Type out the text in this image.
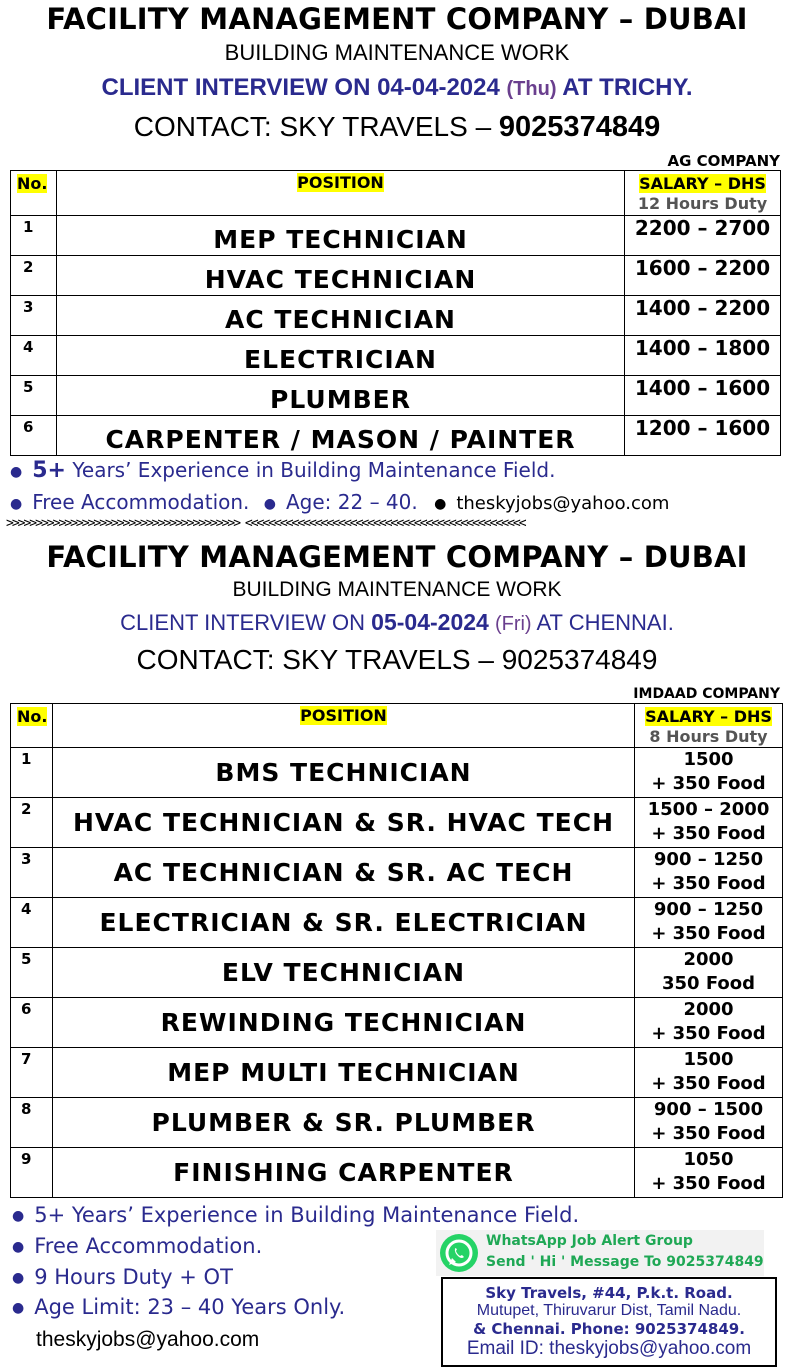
FACILITY MANAGEMENT COMPANY – DUBAI
BUILDING MAINTENANCE WORK
CLIENT INTERVIEW ON 04-04-2024 (Thu) AT TRICHY.
CONTACT: SKY TRAVELS – 9025374849
AG COMPANY
No.	POSITION	SALARY – DHS
12 Hours Duty

1	MEP TECHNICIAN	2200 – 2700
2	HVAC TECHNICIAN	1600 – 2200
3	AC TECHNICIAN	1400 – 2200
4	ELECTRICIAN	1400 – 1800
5	PLUMBER	1400 – 1600
6	CARPENTER / MASON / PAINTER	1200 – 1600
● 5+ Years’ Experience in Building Maintenance Field.
● Free Accommodation. ● Age: 22 – 40. ● theskyjobs@yahoo.com
>>>>>>>>>>>>>>>>>>>>>>>>>>>>>>>>>>>>>>>> <<<<<<<<<<<<<<<<<<<<<<<<<<<<<<<<<<<<<<<<<<<<<<<<
FACILITY MANAGEMENT COMPANY – DUBAI
BUILDING MAINTENANCE WORK
CLIENT INTERVIEW ON 05-04-2024 (Fri) AT CHENNAI.
CONTACT: SKY TRAVELS – 9025374849
IMDAAD COMPANY
No.	POSITION	SALARY – DHS
8 Hours Duty

1	BMS TECHNICIAN	1500
+ 350 Food

2	HVAC TECHNICIAN & SR. HVAC TECH	1500 – 2000
+ 350 Food

3	AC TECHNICIAN & SR. AC TECH	900 – 1250
+ 350 Food

4	ELECTRICIAN & SR. ELECTRICIAN	900 – 1250
+ 350 Food

5	ELV TECHNICIAN	2000
350 Food

6	REWINDING TECHNICIAN	2000
+ 350 Food

7	MEP MULTI TECHNICIAN	1500
+ 350 Food

8	PLUMBER & SR. PLUMBER	900 – 1500
+ 350 Food

9	FINISHING CARPENTER	1050
+ 350 Food
● 5+ Years’ Experience in Building Maintenance Field.
● Free Accommodation.
● 9 Hours Duty + OT
● Age Limit: 23 – 40 Years Only.
theskyjobs@yahoo.com
WhatsApp Job Alert Group
Send ' Hi ' Message To 9025374849
Sky Travels, #44, P.k.t. Road.
Mutupet, Thiruvarur Dist, Tamil Nadu.
& Chennai. Phone: 9025374849.
Email ID: theskyjobs@yahoo.com
